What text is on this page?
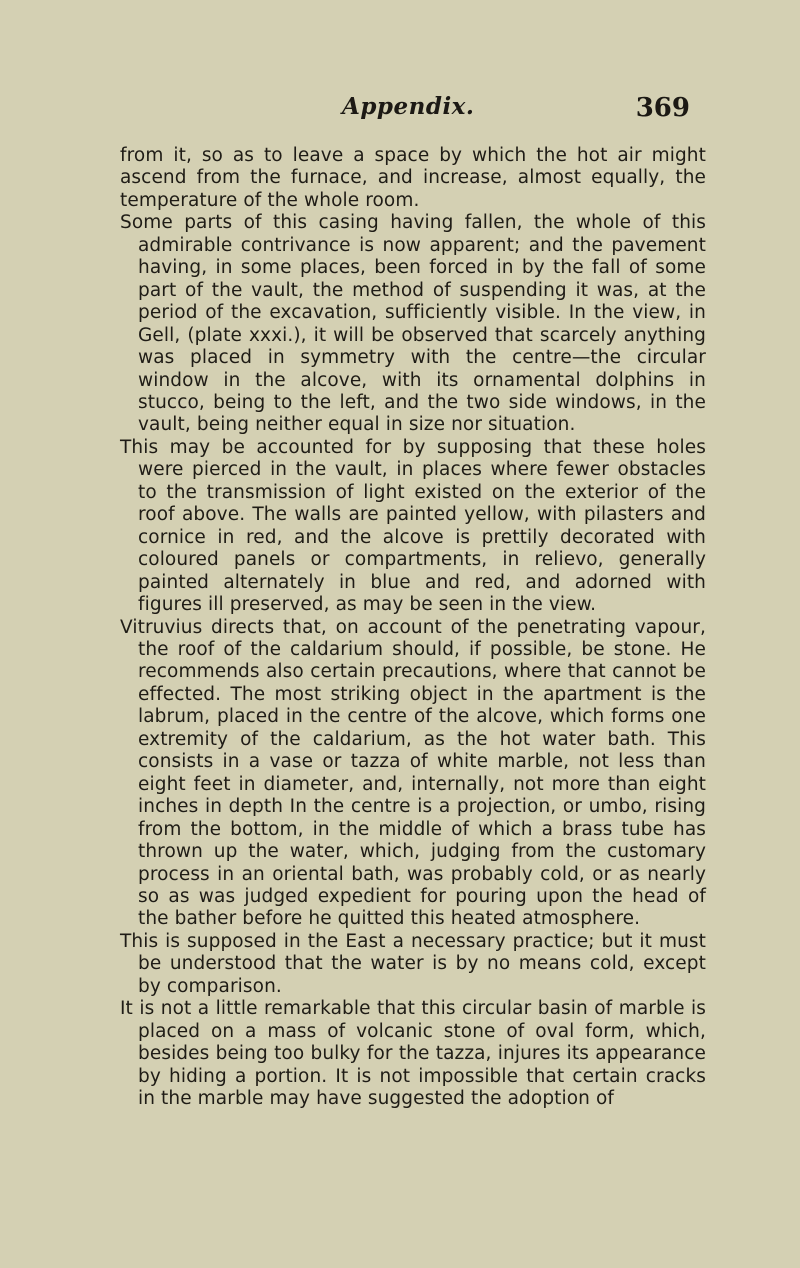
Appendix.	369

from it, so as to leave a space by which the hot air might ascend from the furnace, and increase, almost equally, the temperature of the whole room.

Some parts of this casing having fallen, the whole of this admirable contrivance is now apparent; and the pavement having, in some places, been forced in by the fall of some part of the vault, the method of suspending it was, at the period of the excavation, sufficiently visible. In the view, in Gell, (plate xxxi.), it will be observed that scarcely anything was placed in symmetry with the centre—the circular window in the alcove, with its ornamental dolphins in stucco, being to the left, and the two side windows, in the vault, being neither equal in size nor situation.

This may be accounted for by supposing that these holes were pierced in the vault, in places where fewer obstacles to the transmission of light existed on the exterior of the roof above. The walls are painted yellow, with pilasters and cornice in red, and the alcove is prettily decorated with coloured panels or compartments, in relievo, generally painted alternately in blue and red, and adorned with figures ill preserved, as may be seen in the view.

Vitruvius directs that, on account of the penetrating vapour, the roof of the caldarium should, if possible, be stone. He recommends also certain precautions, where that cannot be effected. The most striking object in the apartment is the labrum, placed in the centre of the alcove, which forms one extremity of the caldarium, as the hot water bath. This consists in a vase or tazza of white marble, not less than eight feet in diameter, and, internally, not more than eight inches in depth In the centre is a projection, or umbo, rising from the bottom, in the middle of which a brass tube has thrown up the water, which, judging from the customary process in an oriental bath, was probably cold, or as nearly so as was judged expedient for pouring upon the head of the bather before he quitted this heated atmosphere.

This is supposed in the East a necessary practice; but it must be understood that the water is by no means cold, except by comparison.

It is not a little remarkable that this circular basin of marble is placed on a mass of volcanic stone of oval form, which, besides being too bulky for the tazza, injures its appearance by hiding a portion. It is not impossible that certain cracks in the marble may have suggested the adoption of
